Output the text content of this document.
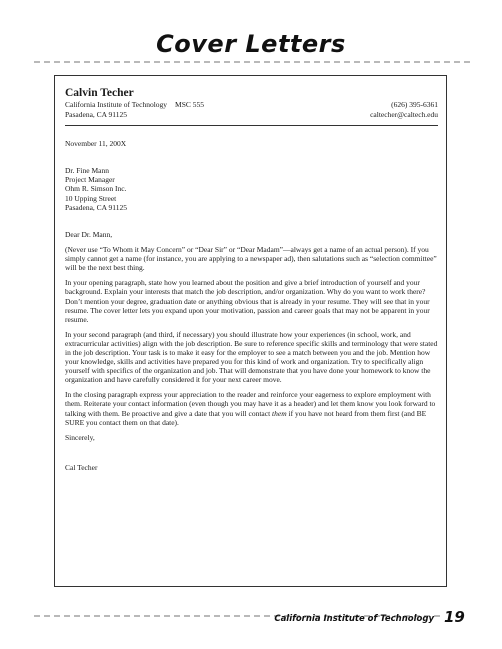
Cover Letters
Calvin Techer
California Institute of Technology MSC 555	(626) 395-6361
Pasadena, CA 91125	caltecher@caltech.edu

November 11, 200X

Dr. Fine Mann

Project Manager

Ohm R. Simson Inc.

10 Upping Street

Pasadena, CA 91125

Dear Dr. Mann,

(Never use “To Whom it May Concern” or “Dear Sir” or “Dear Madam”—always get a name of an actual person). If you simply cannot get a name (for instance, you are applying to a newspaper ad), then salutations such as “selection committee” will be the next best thing.

In your opening paragraph, state how you learned about the position and give a brief introduction of yourself and your background. Explain your interests that match the job description, and/or organization. Why do you want to work there? Don’t mention your degree, graduation date or anything obvious that is already in your resume. They will see that in your resume. The cover letter lets you expand upon your motivation, passion and career goals that may not be apparent in your resume.

In your second paragraph (and third, if necessary) you should illustrate how your experiences (in school, work, and extracurricular activities) align with the job description. Be sure to reference specific skills and terminology that were stated in the job description. Your task is to make it easy for the employer to see a match between you and the job. Mention how your knowledge, skills and activities have prepared you for this kind of work and organization. Try to specifically align yourself with specifics of the organization and job. That will demonstrate that you have done your homework to know the organization and have carefully considered it for your next career move.

In the closing paragraph express your appreciation to the reader and reinforce your eagerness to explore employment with them. Reiterate your contact information (even though you may have it as a header) and let them know you look forward to talking with them. Be proactive and give a date that you will contact them if you have not heard from them first (and BE SURE you contact them on that date).

Sincerely,

Cal Techer

California Institute of Technology 19
